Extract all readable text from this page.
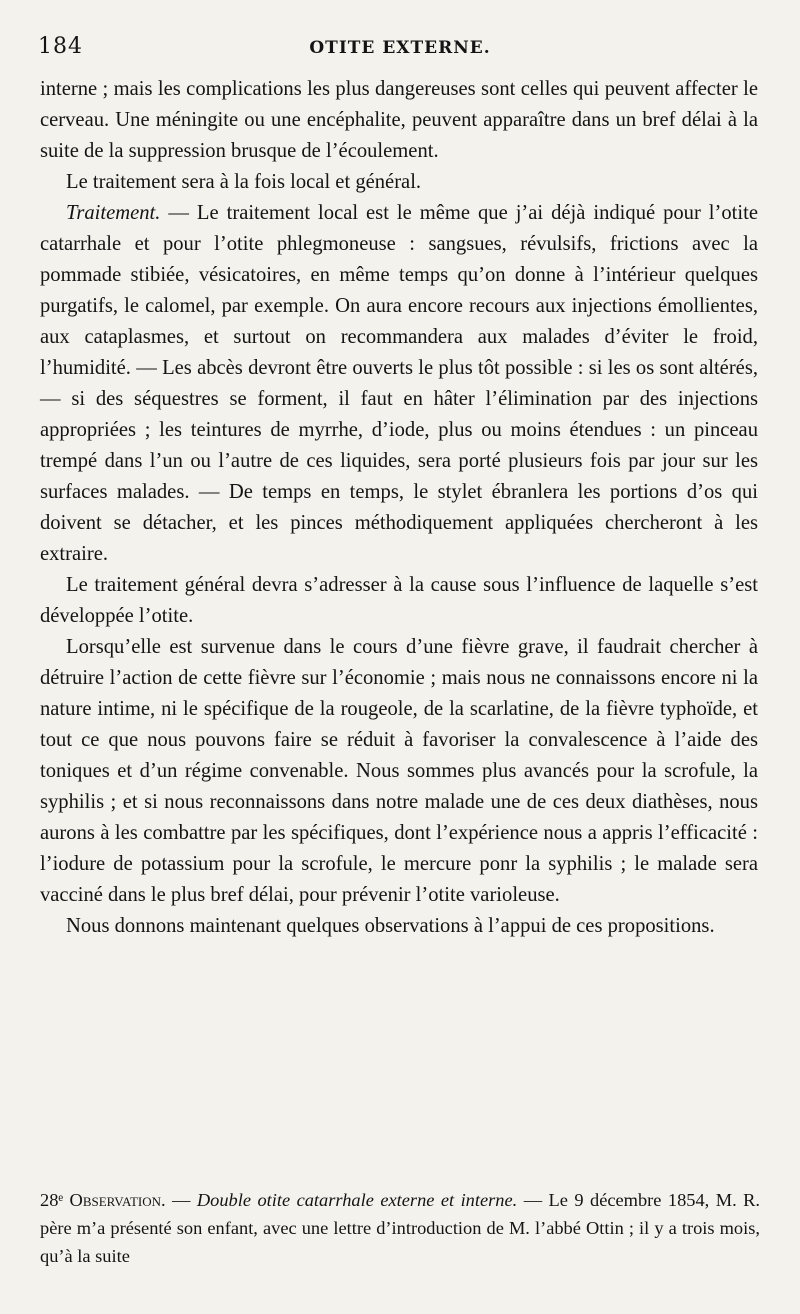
184	OTITE EXTERNE.

interne ; mais les complications les plus dangereuses sont celles qui peuvent affecter le cerveau. Une méningite ou une encéphalite, peuvent apparaître dans un bref délai à la suite de la suppression brusque de l’écoulement.

Le traitement sera à la fois local et général.

Traitement. — Le traitement local est le même que j’ai déjà indiqué pour l’otite catarrhale et pour l’otite phlegmoneuse : sangsues, révulsifs, frictions avec la pommade stibiée, vésicatoires, en même temps qu’on donne à l’intérieur quelques purgatifs, le calomel, par exemple. On aura encore recours aux injections émollientes, aux cataplasmes, et surtout on recommandera aux malades d’éviter le froid, l’humidité. — Les abcès devront être ouverts le plus tôt possible : si les os sont altérés,— si des séquestres se forment, il faut en hâter l’élimination par des injections appropriées ; les teintures de myrrhe, d’iode, plus ou moins étendues : un pinceau trempé dans l’un ou l’autre de ces liquides, sera porté plusieurs fois par jour sur les surfaces malades. — De temps en temps, le stylet ébranlera les portions d’os qui doivent se détacher, et les pinces méthodiquement appliquées chercheront à les extraire.

Le traitement général devra s’adresser à la cause sous l’influence de laquelle s’est développée l’otite.

Lorsqu’elle est survenue dans le cours d’une fièvre grave, il faudrait chercher à détruire l’action de cette fièvre sur l’économie ; mais nous ne connaissons encore ni la nature intime, ni le spécifique de la rougeole, de la scarlatine, de la fièvre typhoïde, et tout ce que nous pouvons faire se réduit à favoriser la convalescence à l’aide des toniques et d’un régime convenable. Nous sommes plus avancés pour la scrofule, la syphilis ; et si nous reconnaissons dans notre malade une de ces deux diathèses, nous aurons à les combattre par les spécifiques, dont l’expérience nous a appris l’efficacité : l’iodure de potassium pour la scrofule, le mercure ponr la syphilis ; le malade sera vacciné dans le plus bref délai, pour prévenir l’otite varioleuse.

Nous donnons maintenant quelques observations à l’appui de ces propositions.

28ᵉ Observation. — Double otite catarrhale externe et interne. — Le 9 décembre 1854, M. R. père m’a présenté son enfant, avec une lettre d’introduction de M. l’abbé Ottin ; il y a trois mois, qu’à la suite
